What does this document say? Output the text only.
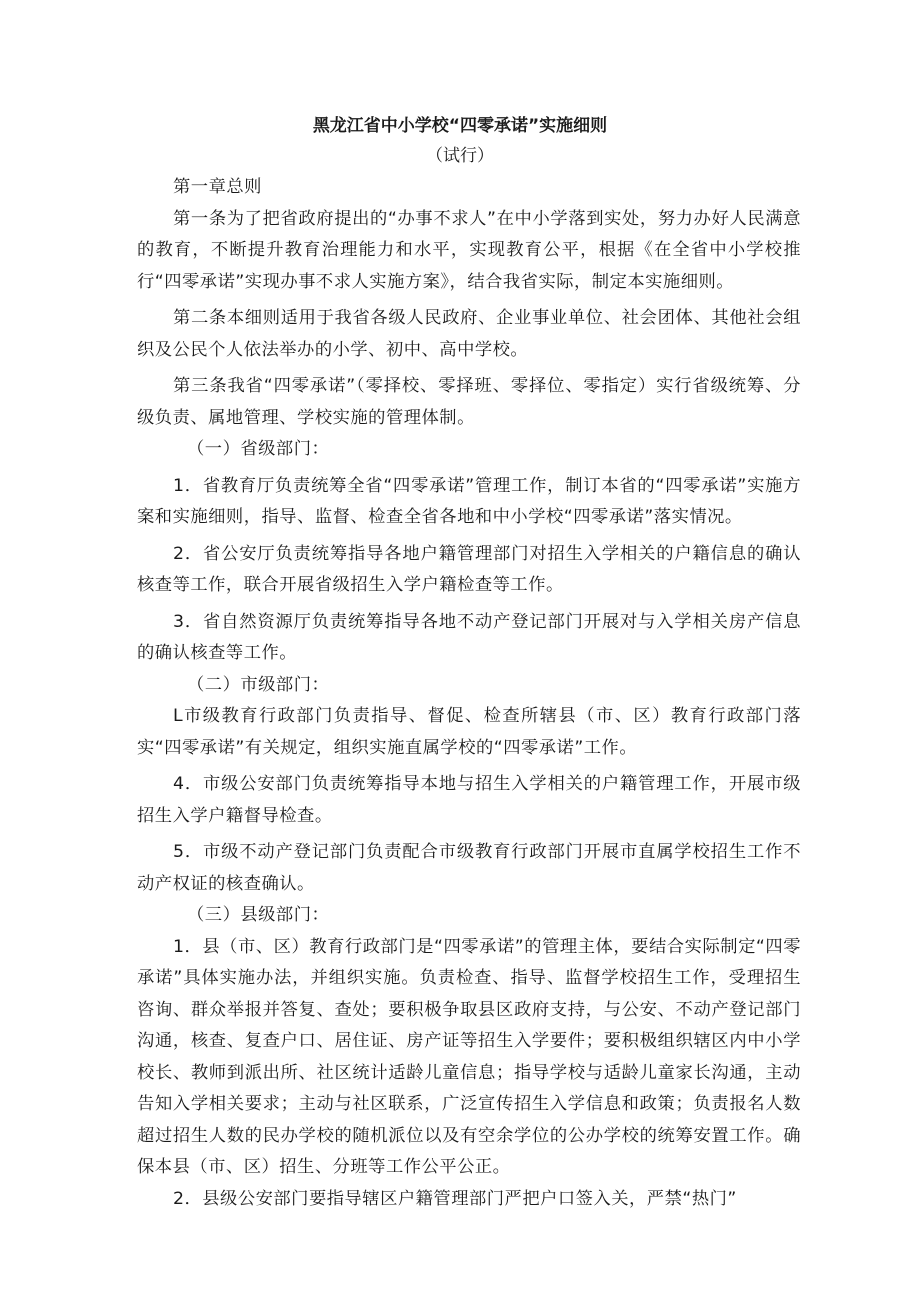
黑龙江省中小学校“四零承诺”实施细则
（试行）

第一章总则

第一条为了把省政府提出的“办事不求人”在中小学落到实处，努力办好人民满意的教育，不断提升教育治理能力和水平，实现教育公平，根据《在全省中小学校推行“四零承诺”实现办事不求人实施方案》，结合我省实际，制定本实施细则。

第二条本细则适用于我省各级人民政府、企业事业单位、社会团体、其他社会组织及公民个人依法举办的小学、初中、高中学校。

第三条我省“四零承诺”（零择校、零择班、零择位、零指定）实行省级统筹、分级负责、属地管理、学校实施的管理体制。

（一）省级部门：

1．省教育厅负责统筹全省“四零承诺”管理工作，制订本省的“四零承诺”实施方案和实施细则，指导、监督、检查全省各地和中小学校“四零承诺”落实情况。

2．省公安厅负责统筹指导各地户籍管理部门对招生入学相关的户籍信息的确认核查等工作，联合开展省级招生入学户籍检查等工作。

3．省自然资源厅负责统筹指导各地不动产登记部门开展对与入学相关房产信息的确认核查等工作。

（二）市级部门：

L市级教育行政部门负责指导、督促、检查所辖县（市、区）教育行政部门落实“四零承诺”有关规定，组织实施直属学校的“四零承诺”工作。

4．市级公安部门负责统筹指导本地与招生入学相关的户籍管理工作，开展市级招生入学户籍督导检查。

5．市级不动产登记部门负责配合市级教育行政部门开展市直属学校招生工作不动产权证的核查确认。

（三）县级部门：

1．县（市、区）教育行政部门是“四零承诺”的管理主体，要结合实际制定“四零承诺”具体实施办法，并组织实施。负责检查、指导、监督学校招生工作，受理招生咨询、群众举报并答复、查处；要积极争取县区政府支持，与公安、不动产登记部门沟通，核查、复查户口、居住证、房产证等招生入学要件；要积极组织辖区内中小学校长、教师到派出所、社区统计适龄儿童信息；指导学校与适龄儿童家长沟通，主动告知入学相关要求；主动与社区联系，广泛宣传招生入学信息和政策；负责报名人数超过招生人数的民办学校的随机派位以及有空余学位的公办学校的统筹安置工作。确保本县（市、区）招生、分班等工作公平公正。

2．县级公安部门要指导辖区户籍管理部门严把户口签入关，严禁“热门”
